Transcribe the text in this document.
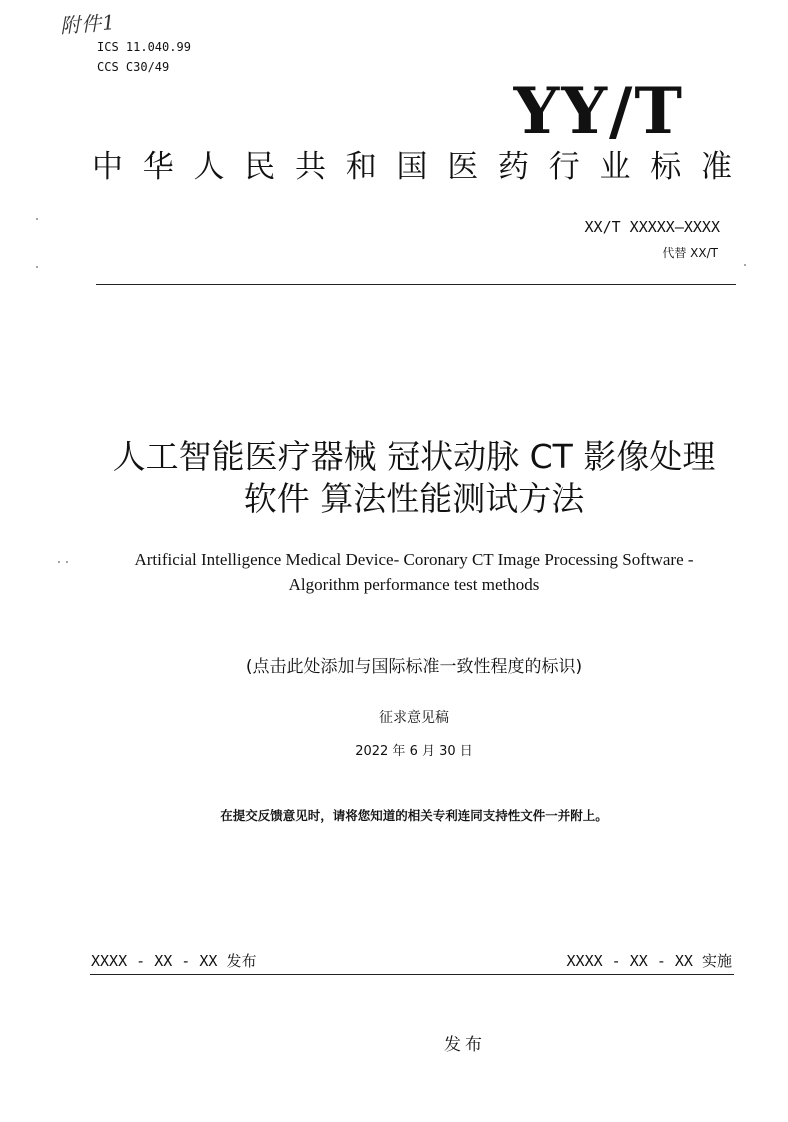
附件1
ICS 11.040.99
CCS C30/49
YY/T
中 华 人 民 共 和 国 医 药 行 业 标 准
XX/T XXXXX—XXXX
代替 XX/T
人工智能医疗器械 冠状动脉 CT 影像处理
软件 算法性能测试方法
Artificial Intelligence Medical Device- Coronary CT Image Processing Software -
Algorithm performance test methods
(点击此处添加与国际标准一致性程度的标识)
征求意见稿
2022 年 6 月 30 日
在提交反馈意见时，请将您知道的相关专利连同支持性文件一并附上。
XXXX - XX - XX 发布	XXXX - XX - XX 实施
发布
